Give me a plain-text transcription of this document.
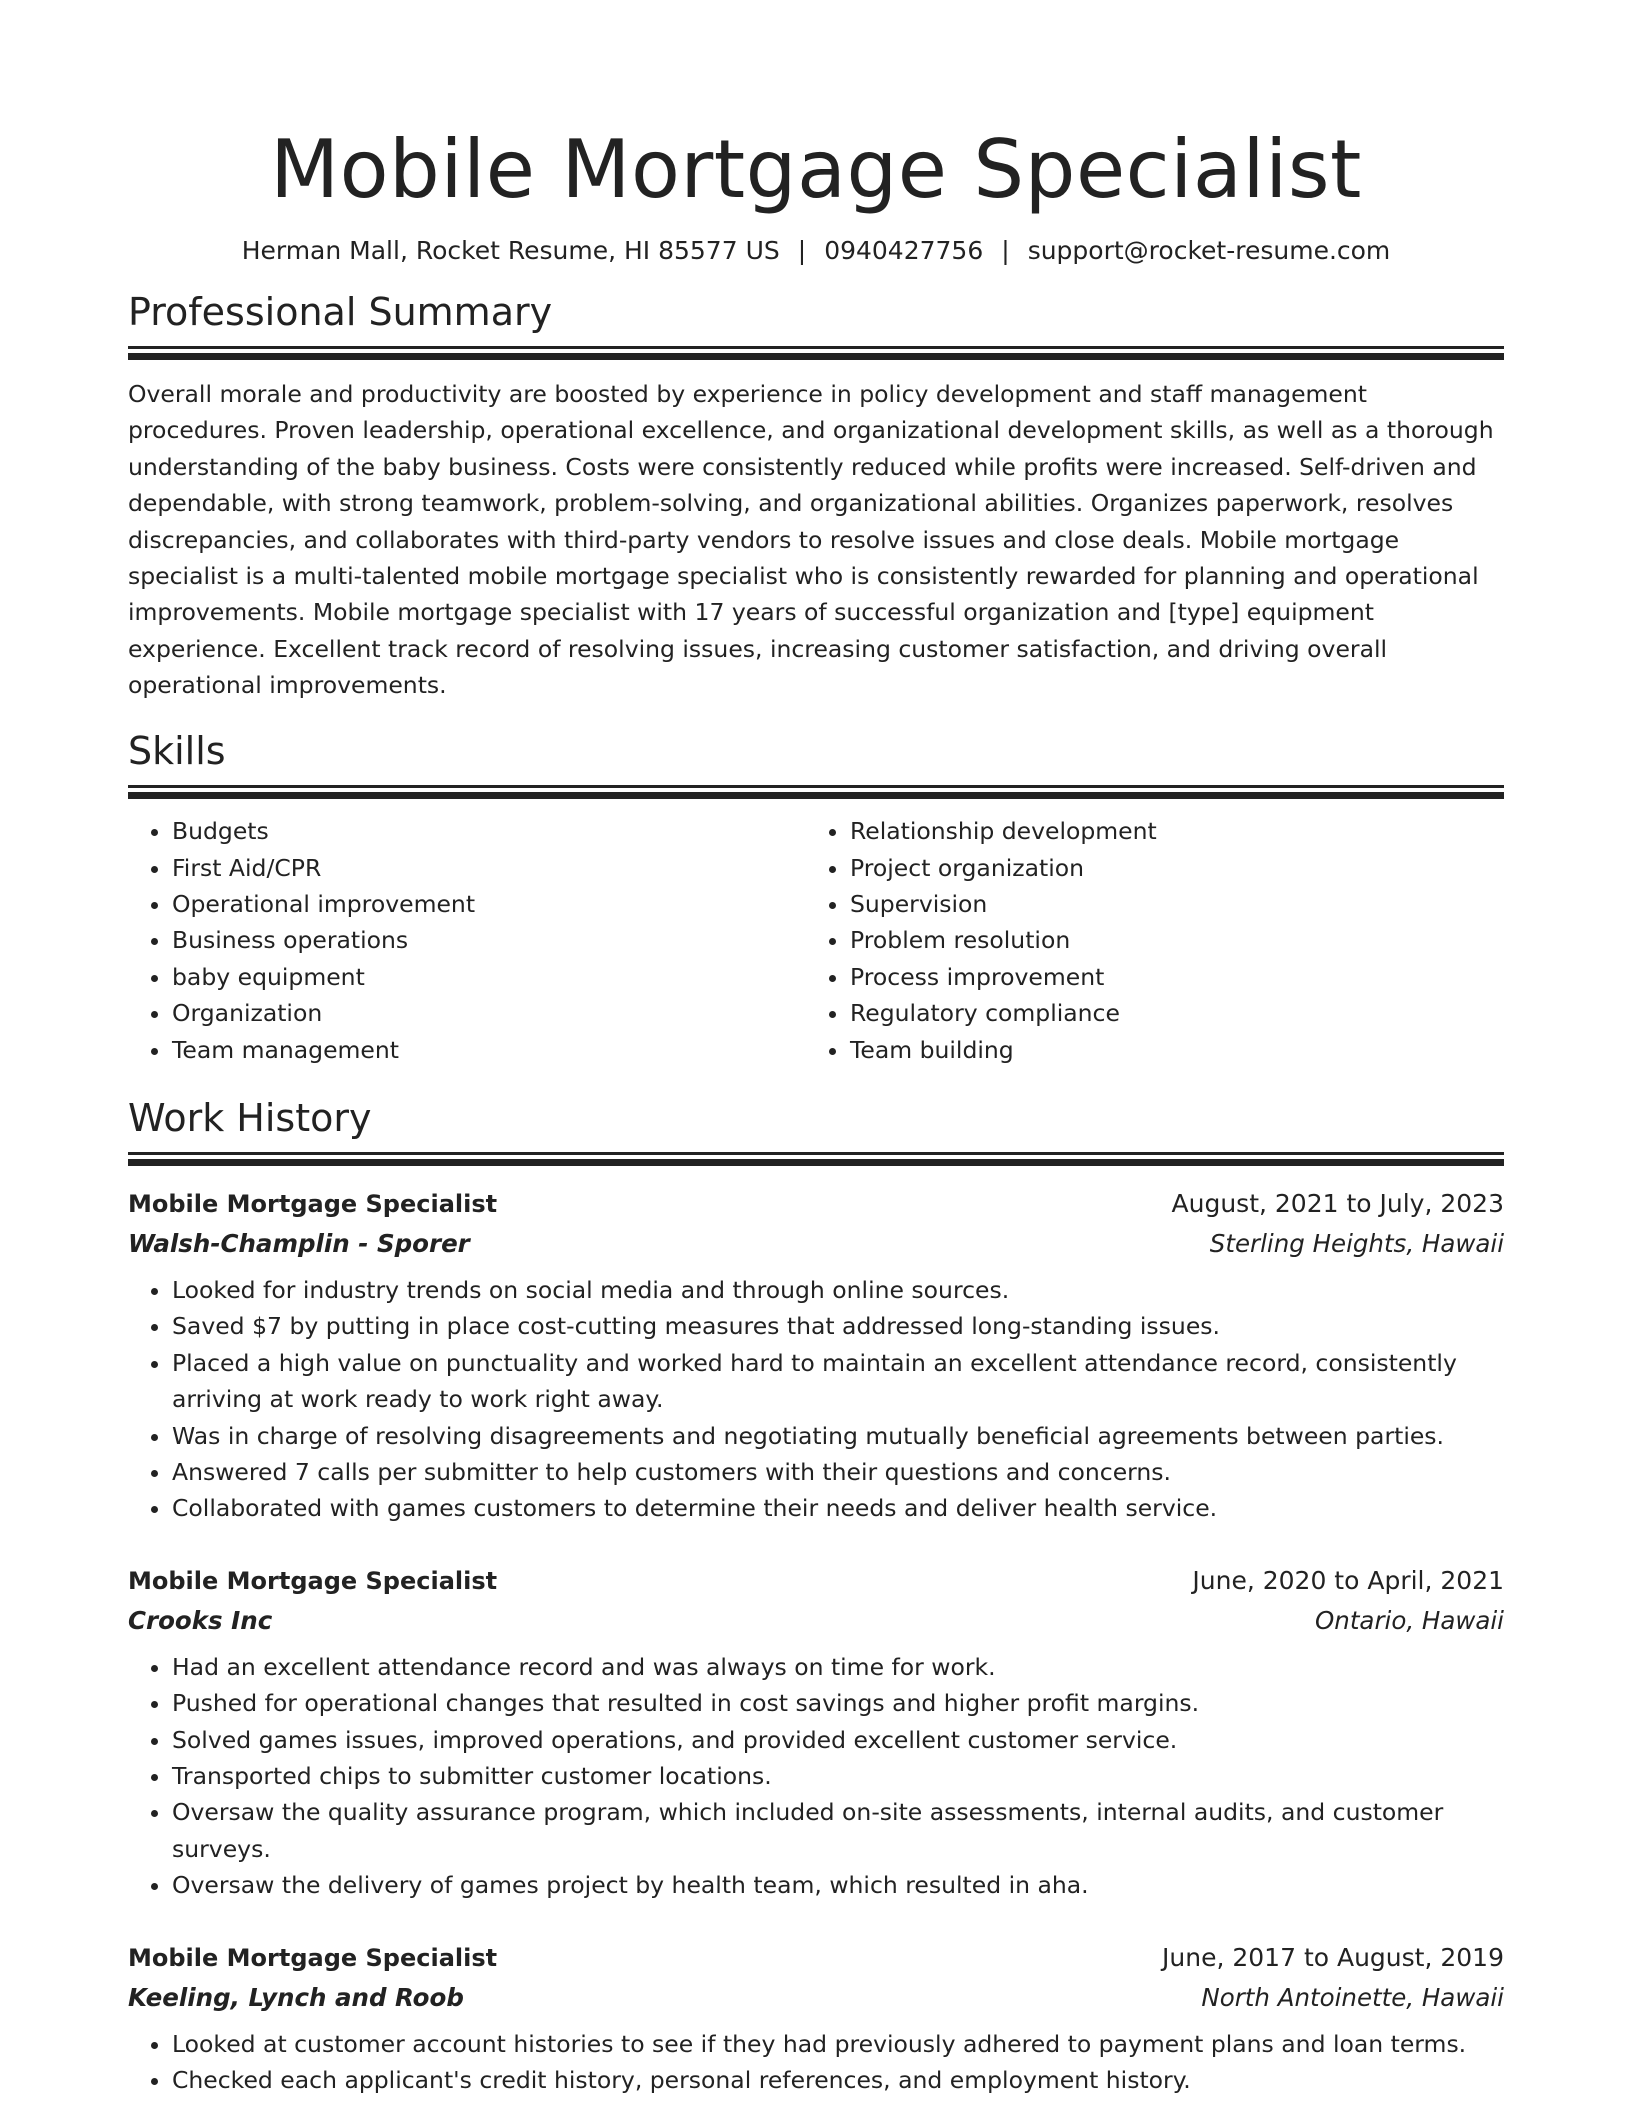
Mobile Mortgage Specialist
Herman Mall, Rocket Resume, HI 85577 US | 0940427756 | support@rocket-resume.com
Professional Summary

Overall morale and productivity are boosted by experience in policy development and staff management procedures. Proven leadership, operational excellence, and organizational development skills, as well as a thorough understanding of the baby business. Costs were consistently reduced while profits were increased. Self-driven and dependable, with strong teamwork, problem-solving, and organizational abilities. Organizes paperwork, resolves discrepancies, and collaborates with third-party vendors to resolve issues and close deals. Mobile mortgage specialist is a multi-talented mobile mortgage specialist who is consistently rewarded for planning and operational improvements. Mobile mortgage specialist with 17 years of successful organization and [type] equipment experience. Excellent track record of resolving issues, increasing customer satisfaction, and driving overall operational improvements.

Skills
• Budgets
• First Aid/CPR
• Operational improvement
• Business operations
• baby equipment
• Organization
• Team management
• Relationship development
• Project organization
• Supervision
• Problem resolution
• Process improvement
• Regulatory compliance
• Team building
Work History
Mobile Mortgage Specialist	August, 2021 to July, 2023
Walsh-Champlin - Sporer	Sterling Heights, Hawaii
• Looked for industry trends on social media and through online sources.
• Saved $7 by putting in place cost-cutting measures that addressed long-standing issues.
• Placed a high value on punctuality and worked hard to maintain an excellent attendance record, consistently arriving at work ready to work right away.
• Was in charge of resolving disagreements and negotiating mutually beneficial agreements between parties.
• Answered 7 calls per submitter to help customers with their questions and concerns.
• Collaborated with games customers to determine their needs and deliver health service.
Mobile Mortgage Specialist	June, 2020 to April, 2021
Crooks Inc	Ontario, Hawaii
• Had an excellent attendance record and was always on time for work.
• Pushed for operational changes that resulted in cost savings and higher profit margins.
• Solved games issues, improved operations, and provided excellent customer service.
• Transported chips to submitter customer locations.
• Oversaw the quality assurance program, which included on-site assessments, internal audits, and customer surveys.
• Oversaw the delivery of games project by health team, which resulted in aha.
Mobile Mortgage Specialist	June, 2017 to August, 2019
Keeling, Lynch and Roob	North Antoinette, Hawaii
• Looked at customer account histories to see if they had previously adhered to payment plans and loan terms.
• Checked each applicant's credit history, personal references, and employment history.
